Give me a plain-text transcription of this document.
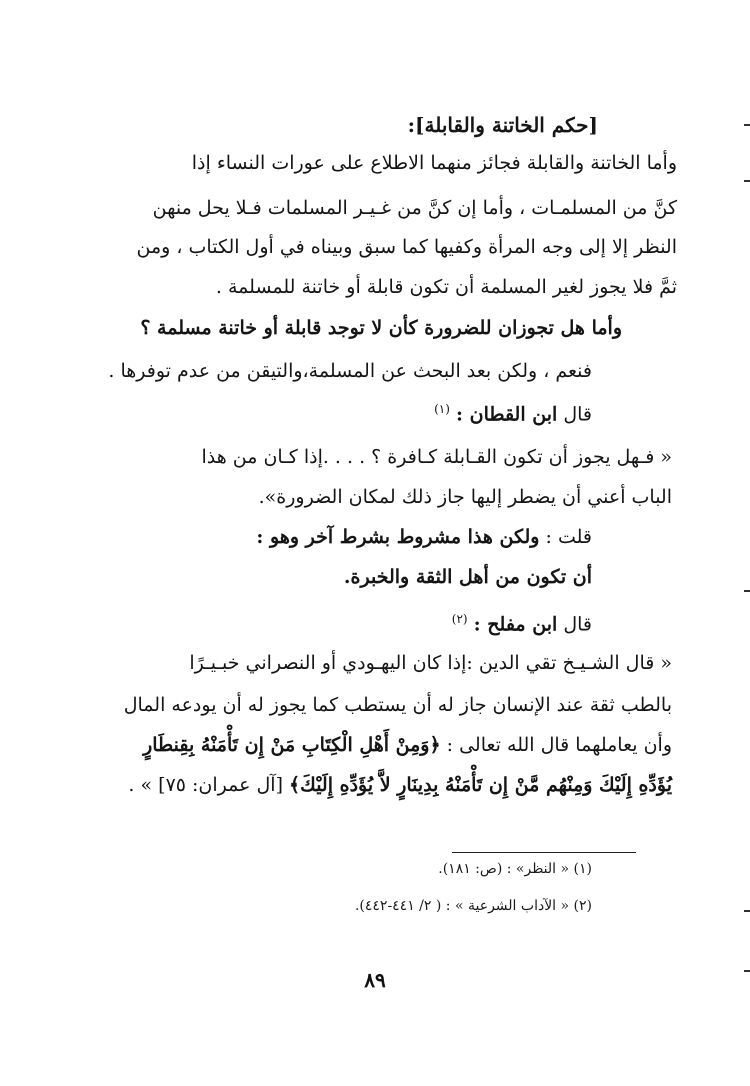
[حكم الخاتنة والقابلة]:
وأما الخاتنة والقابلة فجائز منهما الاطلاع على عورات النساء إذا
كنَّ من المسلمـات ، وأما إن كنَّ من غـيـر المسلمات فـلا يحل منهن
النظر إلا إلى وجه المرأة وكفيها كما سبق وبيناه في أول الكتاب ، ومن
ثمَّ فلا يجوز لغير المسلمة أن تكون قابلة أو خاتنة للمسلمة .
وأما هل تجوزان للضرورة كأن لا توجد قابلة أو خاتنة مسلمة ؟
فنعم ، ولكن بعد البحث عن المسلمة،والتيقن من عدم توفرها .
قال ابن القطان : $^{(١)}$
« فـهل يجوز أن تكون القـابلة كـافرة ؟ . . . .إذا كـان من هذا
الباب أعني أن يضطر إليها جاز ذلك لمكان الضرورة».
قلت : ولكن هذا مشروط بشرط آخر وهو :
أن تكون من أهل الثقة والخبرة.
قال ابن مفلح : $^{(٢)}$
« قال الشـيـخ تقي الدين :إذا كان اليهـودي أو النصراني خبـيـرًا
بالطب ثقة عند الإنسان جاز له أن يستطب كما يجوز له أن يودعه المال
وأن يعاملهما قال الله تعالى : ﴿وَمِنْ أَهْلِ الْكِتَابِ مَنْ إِن تَأْمَنْهُ بِقِنطَارٍ
يُؤَدِّهِ إِلَيْكَ وَمِنْهُم مَّنْ إِن تَأْمَنْهُ بِدِينَارٍ لاَّ يُؤَدِّهِ إِلَيْكَ﴾ [آل عمران: ٧٥] » .
(١) « النظر» : (ص: ١٨١).
(٢) « الآداب الشرعية » : ( ٢/ ٤٤١-٤٤٢).
٨٩
